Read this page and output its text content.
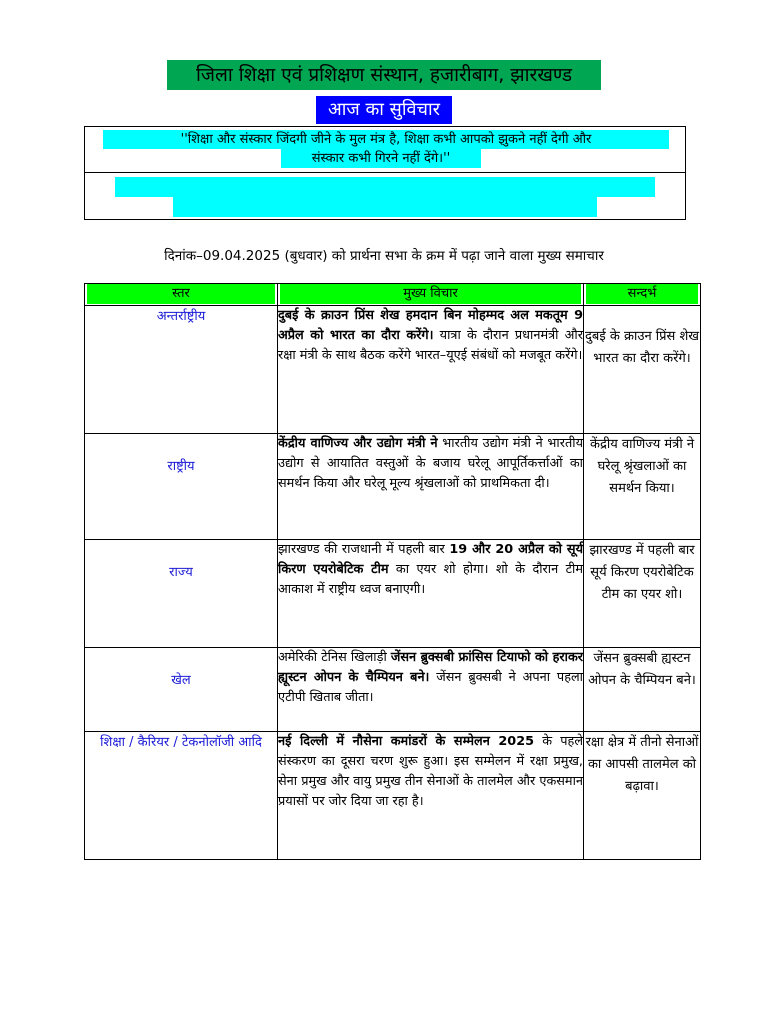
जिला शिक्षा एवं प्रशिक्षण संस्थान, हजारीबाग, झारखण्ड
आज का सुविचार
''शिक्षा और संस्कार जिंदगी जीने के मुल मंत्र है, शिक्षा कभी आपको झुकने नहीं देगी और
संस्कार कभी गिरने नहीं देंगे।''
दिनांक–09.04.2025 (बुधवार) को प्रार्थना सभा के क्रम में पढ़ा जाने वाला मुख्य समाचार
स्तर	मुख्य विचार	सन्दर्भ

अन्तर्राष्ट्रीय	दुबई के क्राउन प्रिंस शेख हमदान बिन मोहम्मद अल मकतूम 9 अप्रैल को भारत का दौरा करेंगे। यात्रा के दौरान प्रधानमंत्री और रक्षा मंत्री के साथ बैठक करेंगे भारत–यूएई संबंधों को मजबूत करेंगे।	दुबई के क्राउन प्रिंस शेख भारत का दौरा करेंगे।
राष्ट्रीय	केंद्रीय वाणिज्य और उद्योग मंत्री ने भारतीय उद्योग मंत्री ने भारतीय उद्योग से आयातित वस्तुओं के बजाय घरेलू आपूर्तिकर्त्ताओं का समर्थन किया और घरेलू मूल्य श्रृंखलाओं को प्राथमिकता दी।	केंद्रीय वाणिज्य मंत्री ने घरेलू श्रृंखलाओं का समर्थन किया।
राज्य	झारखण्ड की राजधानी में पहली बार 19 और 20 अप्रैल को सूर्य किरण एयरोबेटिक टीम का एयर शो होगा। शो के दौरान टीम आकाश में राष्ट्रीय ध्वज बनाएगी।	झारखण्ड में पहली बार सूर्य किरण एयरोबेटिक टीम का एयर शो।
खेल	अमेरिकी टेनिस खिलाड़ी जेंसन ब्रुक्सबी फ्रांसिस टियाफो को हराकर ह्यूस्टन ओपन के चैम्पियन बने। जेंसन ब्रुक्सबी ने अपना पहला एटीपी खिताब जीता।	जेंसन ब्रुक्सबी ह्यस्टन ओपन के चैम्पियन बने।
शिक्षा / कैरियर / टेकनोलॉजी आदि	नई दिल्ली में नौसेना कमांडरों के सम्मेलन 2025 के पहले संस्करण का दूसरा चरण शुरू हुआ। इस सम्मेलन में रक्षा प्रमुख, सेना प्रमुख और वायु प्रमुख तीन सेनाओं के तालमेल और एकसमान प्रयासों पर जोर दिया जा रहा है।	रक्षा क्षेत्र में तीनो सेनाओं का आपसी तालमेल को बढ़ावा।
